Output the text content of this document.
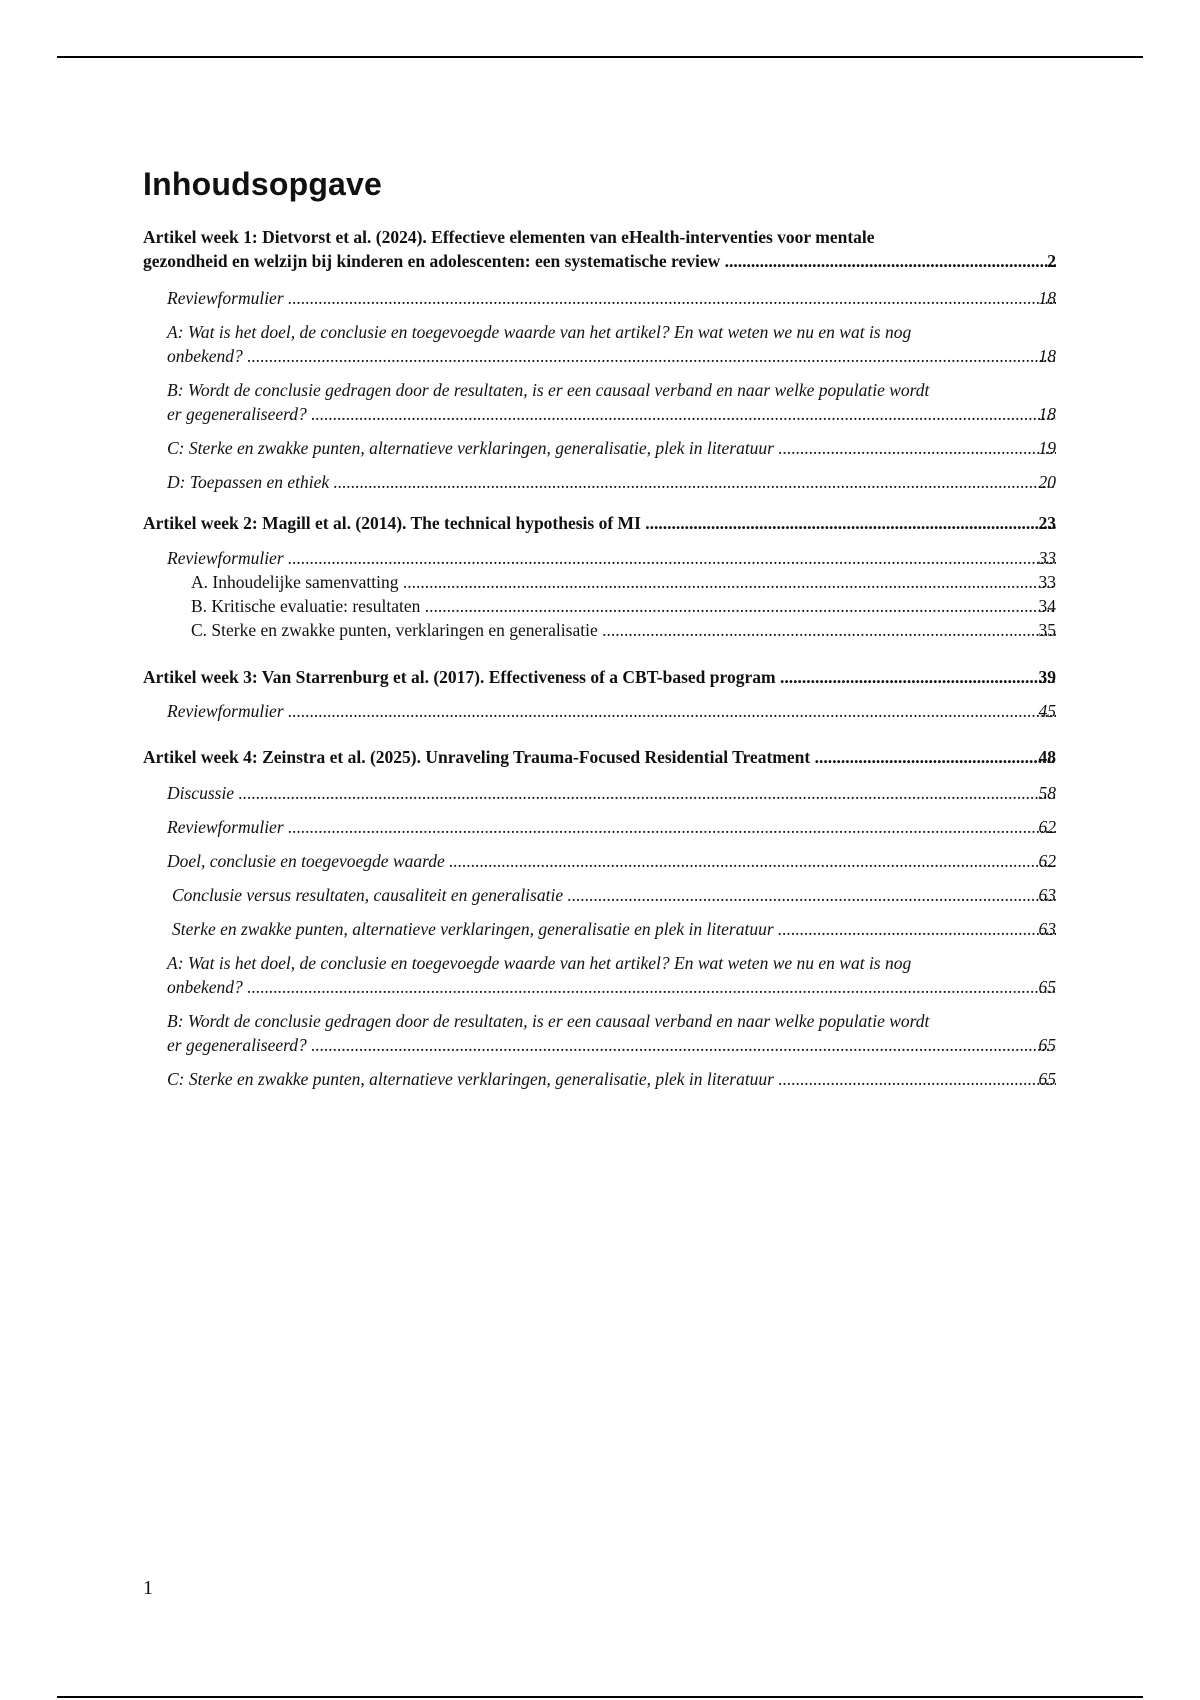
Inhoudsopgave
Artikel week 1: Dietvorst et al. (2024). Effectieve elementen van eHealth-interventies voor mentale
2
gezondheid en welzijn bij kinderen en adolescenten: een systematische review .....
18
Reviewformulier .....
A: Wat is het doel, de conclusie en toegevoegde waarde van het artikel? En wat weten we nu en wat is nog
18
onbekend? .....
B: Wordt de conclusie gedragen door de resultaten, is er een causaal verband en naar welke populatie wordt
18
er gegeneraliseerd? .....
19
C: Sterke en zwakke punten, alternatieve verklaringen, generalisatie, plek in literatuur .....
20
D: Toepassen en ethiek .....
23
Artikel week 2: Magill et al. (2014). The technical hypothesis of MI .....
33
Reviewformulier .....
33
A. Inhoudelijke samenvatting .....
34
B. Kritische evaluatie: resultaten .....
35
C. Sterke en zwakke punten, verklaringen en generalisatie .....
39
Artikel week 3: Van Starrenburg et al. (2017). Effectiveness of a CBT-based program .....
45
Reviewformulier .....
48
Artikel week 4: Zeinstra et al. (2025). Unraveling Trauma-Focused Residential Treatment .....
58
Discussie .....
62
Reviewformulier .....
62
Doel, conclusie en toegevoegde waarde .....
63
Conclusie versus resultaten, causaliteit en generalisatie .....
63
Sterke en zwakke punten, alternatieve verklaringen, generalisatie en plek in literatuur .....
A: Wat is het doel, de conclusie en toegevoegde waarde van het artikel? En wat weten we nu en wat is nog
65
onbekend? .....
B: Wordt de conclusie gedragen door de resultaten, is er een causaal verband en naar welke populatie wordt
65
er gegeneraliseerd? .....
65
C: Sterke en zwakke punten, alternatieve verklaringen, generalisatie, plek in literatuur .....
1
